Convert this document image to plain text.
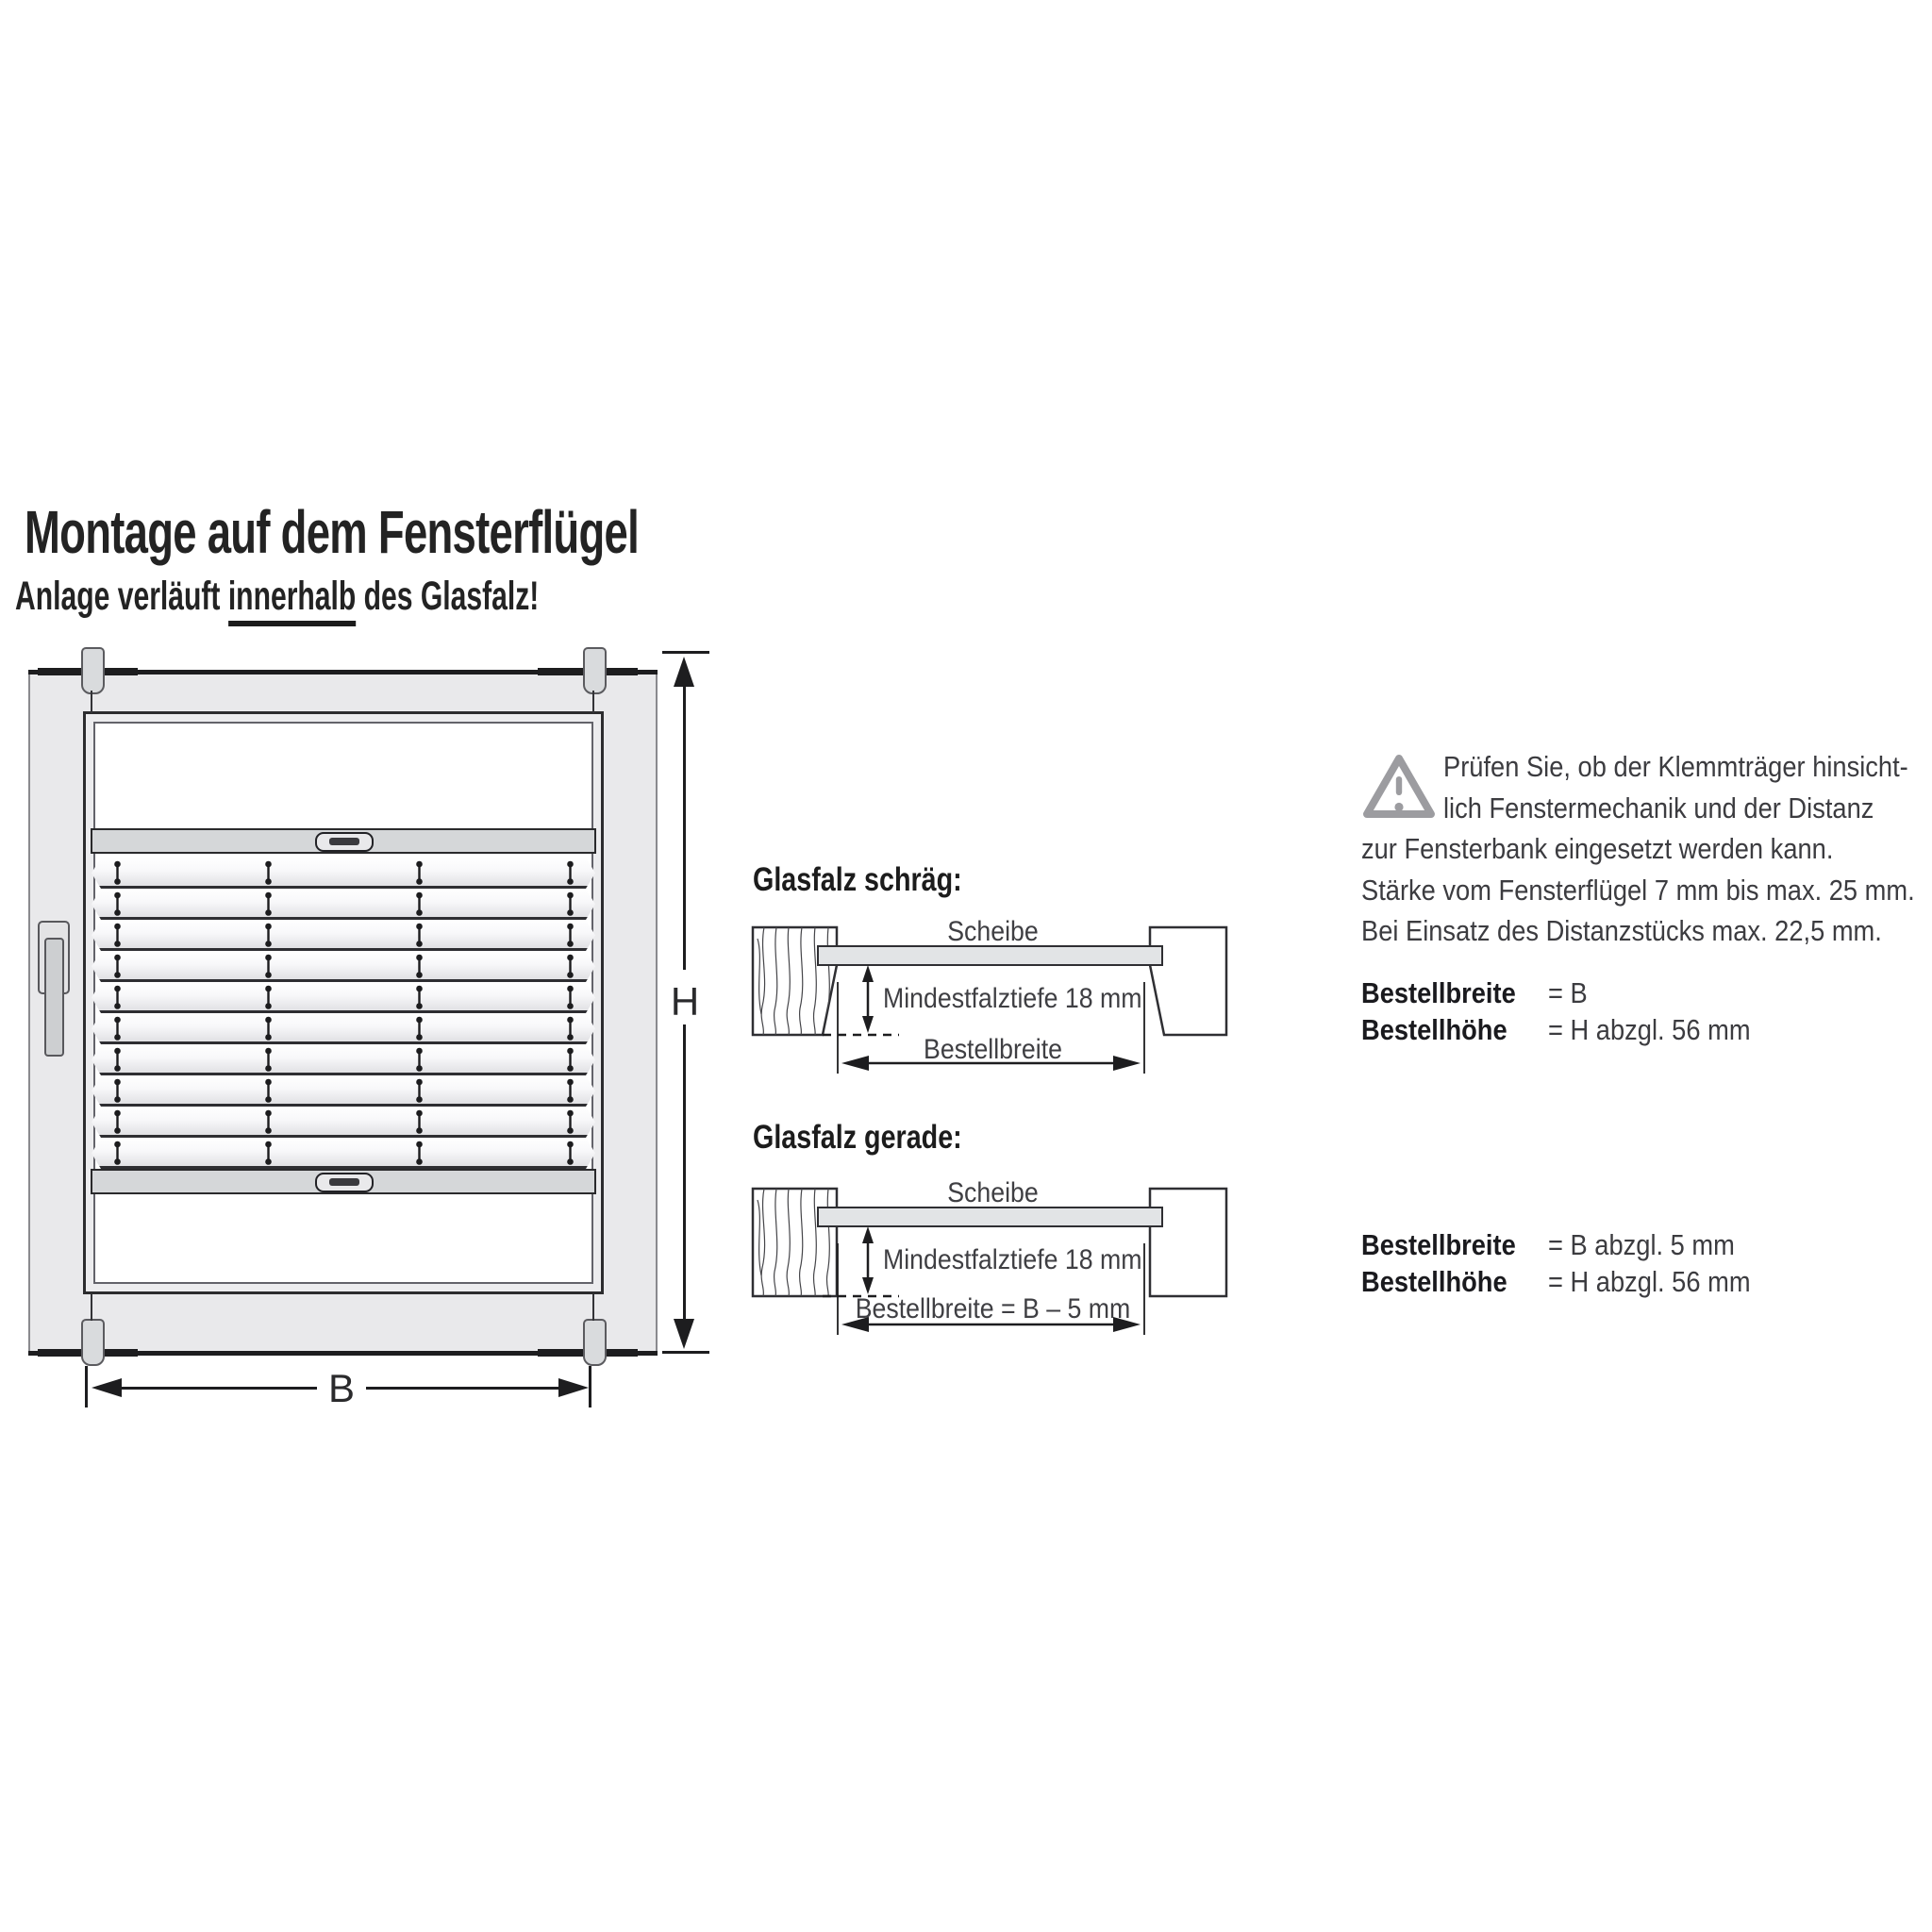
Montage auf dem Fensterflügel
Anlage verläuft innerhalb des Glasfalz!
H
B
Glasfalz schräg:
Scheibe
Mindestfalztiefe 18 mm
Bestellbreite
Glasfalz gerade:
Scheibe
Mindestfalztiefe 18 mm
Bestellbreite = B – 5 mm
Prüfen Sie, ob der Klemmträger hinsicht-
lich Fenstermechanik und der Distanz
zur Fensterbank eingesetzt werden kann.
Stärke vom Fensterflügel 7 mm bis max. 25 mm.
Bei Einsatz des Distanzstücks max. 22,5 mm.
Bestellbreite = B
Bestellhöhe = H abzgl. 56 mm
Bestellbreite = B abzgl. 5 mm
Bestellhöhe = H abzgl. 56 mm
